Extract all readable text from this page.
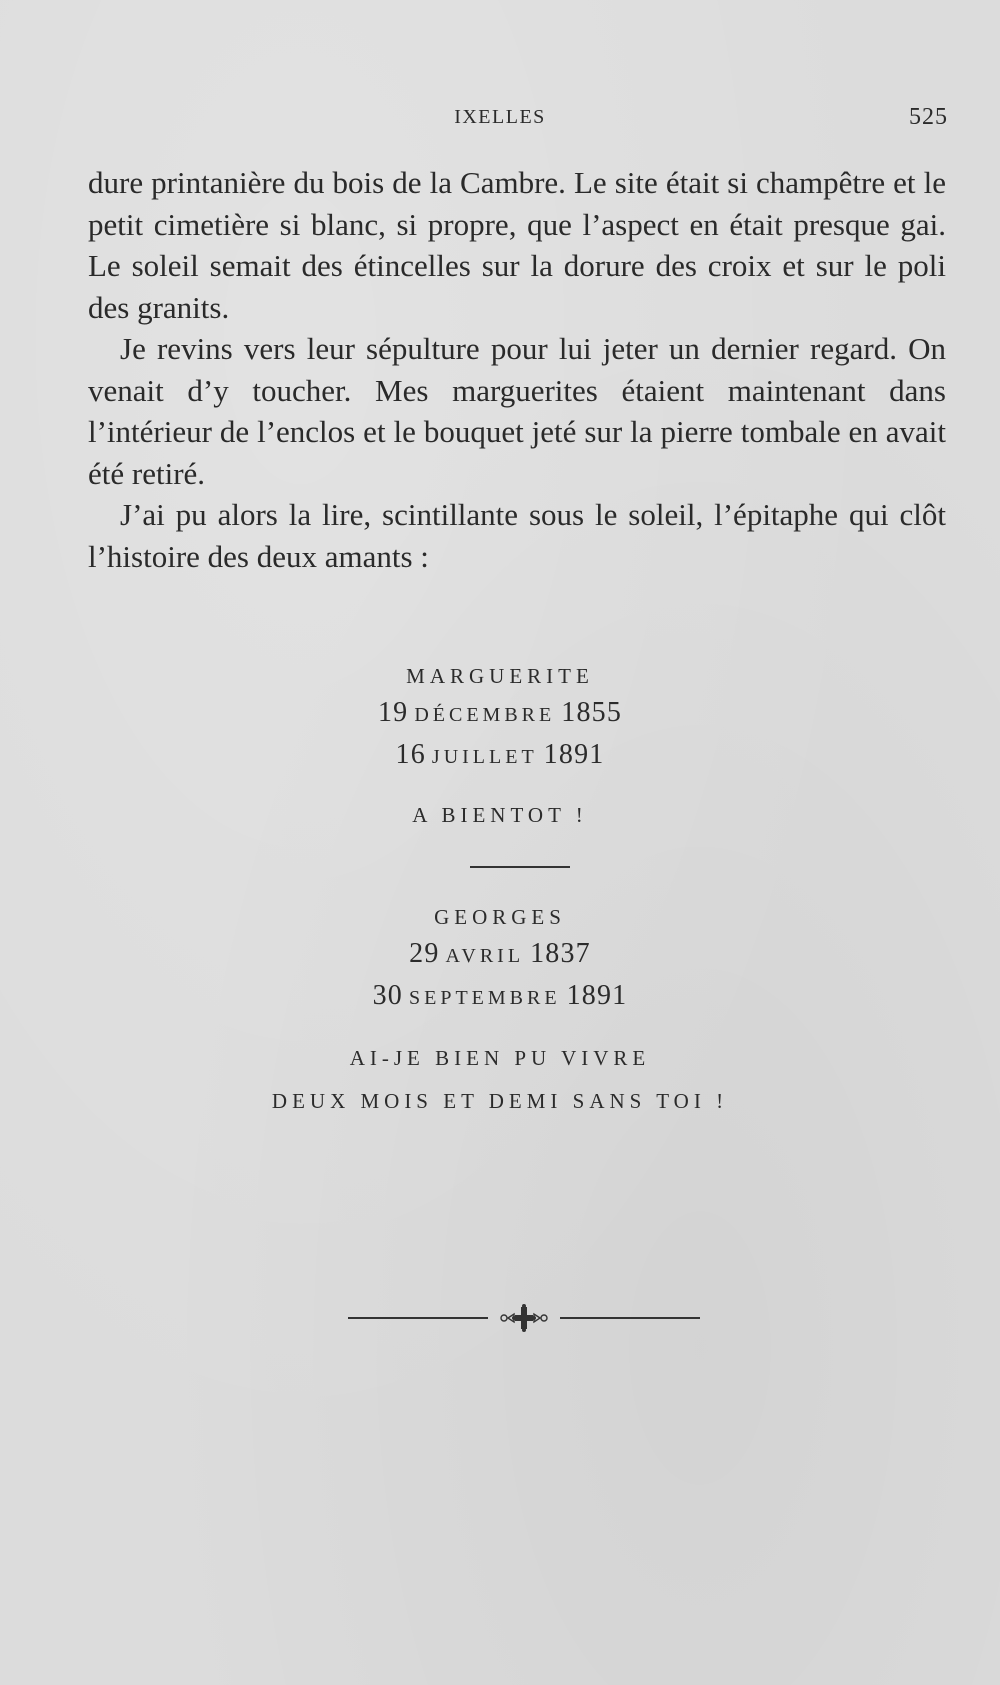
IXELLES	525

dure printanière du bois de la Cambre. Le site était si champêtre et le petit cimetière si blanc, si propre, que l’aspect en était presque gai. Le soleil semait des étincelles sur la dorure des croix et sur le poli des granits.

Je revins vers leur sépulture pour lui jeter un dernier regard. On venait d’y toucher. Mes marguerites étaient maintenant dans l’intérieur de l’enclos et le bouquet jeté sur la pierre tombale en avait été retiré.

J’ai pu alors la lire, scintillante sous le soleil, l’épitaphe qui clôt l’histoire des deux amants :

MARGUERITE
19 DÉCEMBRE 1855
16 JUILLET 1891
A BIENTOT !
GEORGES
29 AVRIL 1837
30 SEPTEMBRE 1891
AI-JE BIEN PU VIVRE
DEUX MOIS ET DEMI SANS TOI !
